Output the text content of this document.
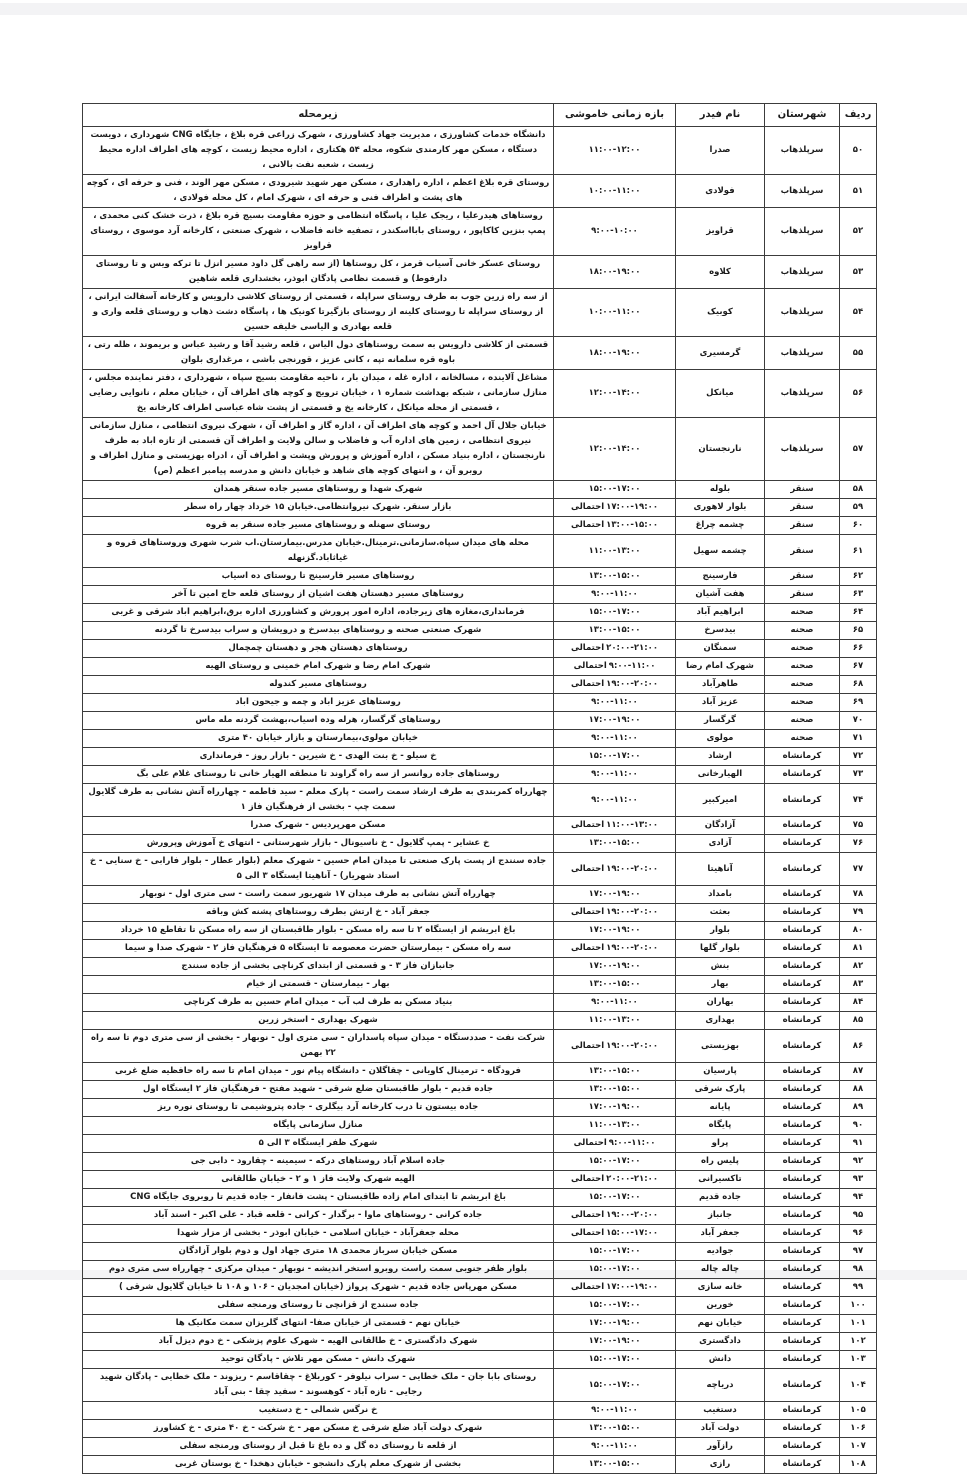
ردیف	شهرستان	نام فیدر	بازه زمانی خاموشی	زیرمحله
۵۰	سرپلذهاب	صدرا	۱۱:۰۰-۱۲:۰۰	دانشگاه خدمات کشاورزی ، مدیریت جهاد کشاورزی ، شهرک زراعی قره بلاغ ، جایگاه CNG شهرداری ، دویست دستگاه ، مسکن مهر کارمندی شکوه، محله ۵۴ هکتاری ، اداره محیط زیست ، کوچه های اطراف اداره محیط زیست ، شعبه نفت بالانی ،
۵۱	سرپلذهاب	فولادی	۱۰:۰۰-۱۱:۰۰	روستای قره بلاغ اعظم ، اداره راهداری ، مسکن مهر شهید شیرودی ، مسکن مهر الوند ، فنی و حرفه ای ، کوچه های پشت و اطراف فنی و حرفه ای ، شهرک امام ، کل محله فولادی ،
۵۲	سرپلذهاب	قراویز	۹:۰۰-۱۰:۰۰	روستاهای هیدرعلیا ، ریجک علیا ، پاسگاه انتظامی و حوزه مقاومت بسیج قره بلاغ ، ذرت خشک کنی محمدی ، پمپ بنزین کاکاپور ، روستای بابااسکندر ، تصفیه خانه فاضلاب ، شهرک صنعتی ، کارخانه آرد موسوی ، روستای قراویز
۵۳	سرپلذهاب	کلاوه	۱۸:۰۰-۱۹:۰۰	روستای عسکر خانی آسیاب قرمز ، کل روستاها (از سه راهی گل داود مسیر انزل تا ترکه ویس و تا روستای دارفوط) و قسمت نظامی پادگان ابوذر، بخشداری قلعه شاهین
۵۴	سرپلذهاب	کوبیک	۱۰:۰۰-۱۱:۰۰	از سه راه زرین جوب به طرف روستای سراپله ، قسمتی از روستای کلاشی دارویس و کارخانه آسفالت ایرانی ، از روستای سراپله تا روستای کلینه از روستای بازگیرتا کونیک ها ، پاسگاه دشت ذهاب و روستای قلعه واری و قلعه بهادری و الیاسی خلیفه حسین
۵۵	سرپلذهاب	گرمسیری	۱۸:۰۰-۱۹:۰۰	قسمتی از کلاشی دارویس به سمت روستاهای دول الیاس ، قلعه رشید آقا و رشید عباس و بریموند ، ظله رتی ، باوه قره سلمانه تپه ، کانی عزیز ، قورنجی باشی ، مرغداری بلوان
۵۶	سرپلذهاب	میانکل	۱۲:۰۰-۱۴:۰۰	مشاغل آلاینده ، مسالخانه ، اداره غله ، میدان بار ، ناحیه مقاومت بسیج سپاه ، شهرداری ، دفتر نماینده مجلس ، منازل سازمانی ، شبکه بهداشت شماره ۱ ، خیابان ترویج و کوچه های اطراف آن ، خیابان معلم ، نانوایی رضایی ، قسمتی از محله میانکل ، کارخانه یخ و قسمتی از پشت شاه عباسی اطراف کارخانه یخ
۵۷	سرپلذهاب	نارنجستان	۱۲:۰۰-۱۴:۰۰	خیابان جلال آل احمد و کوچه های اطراف آن ، اداره گاز و اطراف آن ، شهرک نیروی انتظامی ، منازل سازمانی نیروی انتظامی ، زمین های اداره آب و فاضلاب و سالن ولایت و اطراف آن قسمتی از تازه اباد به طرف نارنجستان ، اداره بنیاد مسکن ، اداره آموزش و پرورش وپشت و اطراف آن ، ادراه بهزیستی و منازل اطراف و روبرو آن ، و انتهای کوچه های شاهد و خیابان دانش و مدرسه پیامبر اعظم (ص)
۵۸	سنقر	بلوله	۱۵:۰۰-۱۷:۰۰	شهرک شهدا و روستاهای مسیر جاده سنقر همدان
۵۹	سنقر	بلوار لاهوری	احتمالی ۱۷:۰۰-۱۹:۰۰	بازار سنقر. شهرک نیروانتظامی.خیابان ۱۵ خرداد چهار راه سطر
۶۰	سنقر	چشمه چراغ	احتمالی ۱۳:۰۰-۱۵:۰۰	روستای سهنله و روستاهای مسیر جاده سنقر به قروه
۶۱	سنقر	چشمه سهیل	۱۱:۰۰-۱۳:۰۰	محله های میدان سپاه.سازمانی.ترمینال.خیابان مدرس.بیمارستان.اب شرب شهری وروستاهای قروه و غیاثاباد.گزنهله
۶۲	سنقر	فارسینج	۱۳:۰۰-۱۵:۰۰	روستاهای مسیر فارسینج تا روستای ده اسیاب
۶۳	سنقر	هفت آشیان	۹:۰۰-۱۱:۰۰	روستاهای مسیر دهستان هفت اشیان از روستای قلعه حاج امین تا آخر
۶۴	صحنه	ابراهیم آباد	۱۵:۰۰-۱۷:۰۰	فرمانداری،مغازه های زیرجاده، اداره امور پرورش و کشاورزی اداره برق،ابراهیم اباد شرقی و غربی
۶۵	صحنه	بیدسرخ	۱۳:۰۰-۱۵:۰۰	شهرک صنعتی صحنه و روستاهای بیدسرخ و درویشان و سراب بیدسرخ تا گردنه
۶۶	صحنه	سمنگان	احتمالی ۲۰:۰۰-۲۱:۰۰	روستاهای دهستان هجر و دهستان چمچمال
۶۷	صحنه	شهرک امام رضا	احتمالی ۹:۰۰-۱۱:۰۰	شهرک امام رضا و شهرک امام خمینی و روستای الهیه
۶۸	صحنه	طاهرآباد	احتمالی ۱۹:۰۰-۲۰:۰۰	روستاهای مسیر کندوله
۶۹	صحنه	عزیز آباد	۹:۰۰-۱۱:۰۰	روستاهای عزیز اباد و چمه و جیحون اباد
۷۰	صحنه	گرگسار	۱۷:۰۰-۱۹:۰۰	روستاهای گرگسار، هرله وده اسیاب،بهشت گردنه مله ماس
۷۱	صحنه	مولوی	۹:۰۰-۱۱:۰۰	خیابان مولوی،بیمارستان و بازار خیابان ۴۰ متری
۷۲	کرمانشاه	ارشاد	۱۵:۰۰-۱۷:۰۰	خ سیلو - خ بنت الهدی - خ شیرین - بازار روز - فرمانداری
۷۳	کرمانشاه	الهیارخانی	۹:۰۰-۱۱:۰۰	روستاهای جاده روانسر از سه راه گراوند تا منطقه الهیار خانی تا روستای غلام علی بگ
۷۴	کرمانشاه	امیرکبیر	۹:۰۰-۱۱:۰۰	چهارراه کمربندی به طرف ارشاد سمت راست - پارک معلم - سید فاطمه - چهارراه آتش نشانی به طرف گلایول سمت چپ - بخشی از فرهنگیان فاز ۱
۷۵	کرمانشاه	آزادگان	احتمالی ۱۱:۰۰-۱۳:۰۰	مسکن مهرپردیس - شهرک صدرا
۷۶	کرمانشاه	آزادی	۱۳:۰۰-۱۵:۰۰	خ عشایر - پمپ گلایول - خ ناسیونال - بازار شهرستانی - انتهای خ آموزش وپرورش
۷۷	کرمانشاه	آناهیتا	احتمالی ۱۹:۰۰-۲۰:۰۰	جاده سنندج از پست پارک صنعتی تا میدان امام حسین - شهرک معلم (بلوار عطار - بلوار فارابی - خ سنایی - خ استاد شهریار) - آناهیتا ایستگاه ۳ الی ۵
۷۸	کرمانشاه	بامداد	۱۷:۰۰-۱۹:۰۰	چهارراه آتش نشانی به طرف میدان ۱۷ شهریور سمت راست - سی متری اول - نوبهار
۷۹	کرمانشاه	بعثت	احتمالی ۱۹:۰۰-۲۰:۰۰	جعفر آباد - خ ارتش بطرف روستاهای پشنه کش وباقه
۸۰	کرمانشاه	بلوار	۱۷:۰۰-۱۹:۰۰	باغ ابریشم از ایستگاه ۲ تا سه راه مسکن - بلوار طاقبستان از سه راه مسکن تا تقاطع ۱۵ خرداد
۸۱	کرمانشاه	بلوار گلها	احتمالی ۱۹:۰۰-۲۰:۰۰	سه راه مسکن - بیمارستان حضرت معصومه تا ایستگاه ۵ فرهنگیان فاز ۲ - شهرک صدا و سیما
۸۲	کرمانشاه	بنش	۱۷:۰۰-۱۹:۰۰	جانبازان فاز ۳ - و قسمتی از ابتدای کرناچی بخشی از جاده سنندج
۸۳	کرمانشاه	بهار	۱۳:۰۰-۱۵:۰۰	بهار - بیمارستان - قسمتی از خیام
۸۴	کرمانشاه	بهاران	۹:۰۰-۱۱:۰۰	بنیاد مسکن به طرف لب آب - میدان امام حسین به طرف کرناچی
۸۵	کرمانشاه	بهداری	۱۱:۰۰-۱۳:۰۰	شهرک بهداری - استخر زرین
۸۶	کرمانشاه	بهزیستی	احتمالی ۱۹:۰۰-۲۰:۰۰	شرکت نفت - صددستگاه - میدان سپاه پاسداران - سی متری اول - نوبهار - بخشی از سی متری دوم تا سه راه ۲۲ بهمن
۸۷	کرمانشاه	پارسیان	۱۳:۰۰-۱۵:۰۰	فرودگاه - ترمینال کاویانی - چقاگلان - دانشگاه پیام نور - میدان امام تا سه راه حافظیه ضلع غربی
۸۸	کرمانشاه	پارک شرقی	۱۳:۰۰-۱۵:۰۰	جاده قدیم - بلوار طاقبستان ضلع شرقی - شهید مفتح - فرهنگیان فاز ۲ ایستگاه اول
۸۹	کرمانشاه	پایانه	۱۷:۰۰-۱۹:۰۰	جاده بیستون تا درب کارخانه آرد بیگلری - جاده پتروشیمی تا روستای نوره ریز
۹۰	کرمانشاه	پایگاه	۱۱:۰۰-۱۳:۰۰	منازل سازمانی پایگاه
۹۱	کرمانشاه	پراو	احتمالی ۹:۰۰-۱۱:۰۰	شهرک ظفر ایستگاه ۳ الی ۵
۹۲	کرمانشاه	پلیس راه	۱۵:۰۰-۱۷:۰۰	جاده اسلام آباد روستاهای درکه - سیمینه - چقارود - دابی جی
۹۳	کرمانشاه	تاکسیرانی	احتمالی ۲۰:۰۰-۲۱:۰۰	الهیه شهرک ولایت فاز ۱ و ۲ - خیابان طالقانی
۹۴	کرمانشاه	جاده قدیم	۱۵:۰۰-۱۷:۰۰	باغ ابریشم تا ابتدای امام زاده طاقبستان - پشت فانفار - جاده قدیم تا روبروی جایگاه CNG
۹۵	کرمانشاه	جانباز	احتمالی ۱۹:۰۰-۲۰:۰۰	جاده کرانی - روستاهای ماوا - برگدار - کرانی - قلعه قباد - علی اکبر - اسند آباد
۹۶	کرمانشاه	جعفر آباد	احتمالی ۱۵:۰۰-۱۷:۰۰	محله جعفرآباد - خیابان اسلامی - خیابان ابوذر - بخشی از مزار شهدا
۹۷	کرمانشاه	جوادیه	۱۵:۰۰-۱۷:۰۰	مسکن خیابان سرباز محمدی ۱۸ متری جهاد اول و دوم بلوار آزادگان
۹۸	کرمانشاه	چاله چاله	۱۵:۰۰-۱۷:۰۰	بلوار ظفر جنوبی سمت راست روبرو استخر اندیشه - نوبهار - میدان مرکزی - چهارراه سی متری دوم
۹۹	کرمانشاه	خانه سازی	احتمالی ۱۷:۰۰-۱۹:۰۰	مسکن مهرپاس جاده قدیم - شهرک پرواز (خیابان امجدیان - ۱۰۶ و ۱۰۸ تا خیابان گلایول شرقی )
۱۰۰	کرمانشاه	خورین	۱۵:۰۰-۱۷:۰۰	جاده سنندج از قزانچی تا روستای ورمنجه سفلی
۱۰۱	کرمانشاه	خیابان نهم	۱۷:۰۰-۱۹:۰۰	خیابان نهم - قسمتی از خیابان صفا- انتهای گلریزان سمت مکانیک ها
۱۰۲	کرمانشاه	دادگستری	۱۷:۰۰-۱۹:۰۰	شهرک دادگستری - خ طالقانی الهیه - شهرک علوم پزشکی - خ دوم دیزل آباد
۱۰۳	کرمانشاه	دانش	۱۵:۰۰-۱۷:۰۰	شهرک دانش - مسکن مهر تلاش - پادگان توحید
۱۰۴	کرمانشاه	دریاچه	۱۵:۰۰-۱۷:۰۰	روستای بابا جان - ملک خطایی - سراب نیلوفر - کوربلاغ - چقاقاسم - ریزوند - ملک خطایی - پادگان شهید رجایی - تازه آباد - کوهسوند - سفید چقا - بنی آباد
۱۰۵	کرمانشاه	دستغیب	۹:۰۰-۱۱:۰۰	خ نرگس شمالی - خ دستغیب
۱۰۶	کرمانشاه	دولت آباد	۱۳:۰۰-۱۵:۰۰	شهرک دولت آباد ضلع شرقی خ مسکن مهر - خ شرکت - خ ۴۰ متری - خ کشاورز
۱۰۷	کرمانشاه	رازآور	۹:۰۰-۱۱:۰۰	از قلعه تا روستای ده گل و ده باغ تا قبل از روستای ورمنجه سفلی
۱۰۸	کرمانشاه	رازی	۱۳:۰۰-۱۵:۰۰	بخشی از شهرک معلم پارک دانشجو - خیابان دهخدا - خ بوستان غربی
